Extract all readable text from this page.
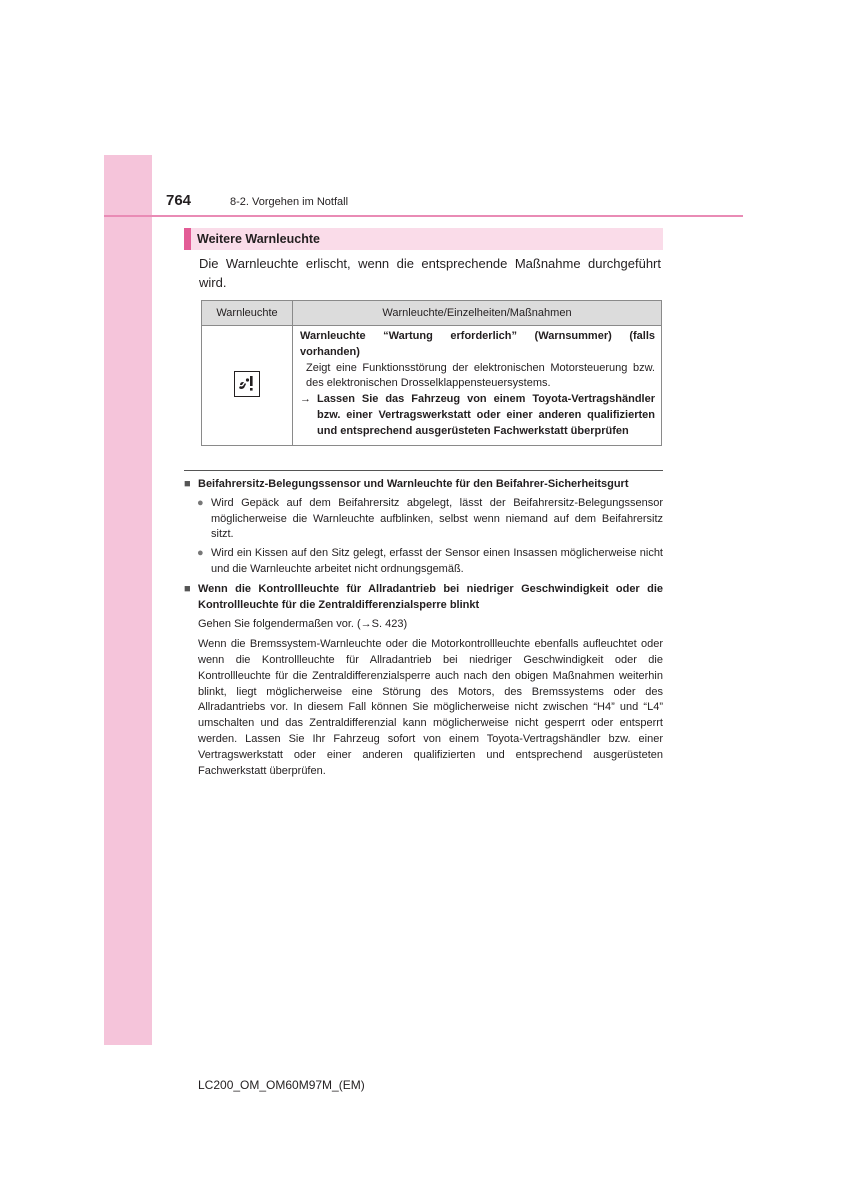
764	8-2. Vorgehen im Notfall
Weitere Warnleuchte
Die Warnleuchte erlischt, wenn die entsprechende Maßnahme durchgeführt wird.
Warnleuchte	Warnleuchte/Einzelheiten/Maßnahmen

Warnleuchte “Wartung erforderlich” (Warnsummer) (falls vorhanden)
Zeigt eine Funktionsstörung der elektronischen Motorsteuerung bzw. des elektronischen Drosselklappensteuersystems.
→ Lassen Sie das Fahrzeug von einem Toyota-Vertragshändler bzw. einer Vertragswerkstatt oder einer anderen qualifizierten und entsprechend ausgerüsteten Fachwerkstatt überprüfen
■ Beifahrersitz-Belegungssensor und Warnleuchte für den Beifahrer-Sicherheitsgurt
● Wird Gepäck auf dem Beifahrersitz abgelegt, lässt der Beifahrersitz-Belegungssensor möglicherweise die Warnleuchte aufblinken, selbst wenn niemand auf dem Beifahrersitz sitzt.
● Wird ein Kissen auf den Sitz gelegt, erfasst der Sensor einen Insassen möglicherweise nicht und die Warnleuchte arbeitet nicht ordnungsgemäß.
■ Wenn die Kontrollleuchte für Allradantrieb bei niedriger Geschwindigkeit oder die Kontrollleuchte für die Zentraldifferenzialsperre blinkt
Gehen Sie folgendermaßen vor. (→S. 423)
Wenn die Bremssystem-Warnleuchte oder die Motorkontrollleuchte ebenfalls aufleuchtet oder wenn die Kontrollleuchte für Allradantrieb bei niedriger Geschwindigkeit oder die Kontrollleuchte für die Zentraldifferenzialsperre auch nach den obigen Maßnahmen weiterhin blinkt, liegt möglicherweise eine Störung des Motors, des Bremssystems oder des Allradantriebs vor. In diesem Fall können Sie möglicherweise nicht zwischen “H4” und “L4” umschalten und das Zentraldifferenzial kann möglicherweise nicht gesperrt oder entsperrt werden. Lassen Sie Ihr Fahrzeug sofort von einem Toyota-Vertragshändler bzw. einer Vertragswerkstatt oder einer anderen qualifizierten und entsprechend ausgerüsteten Fachwerkstatt überprüfen.
LC200_OM_OM60M97M_(EM)
